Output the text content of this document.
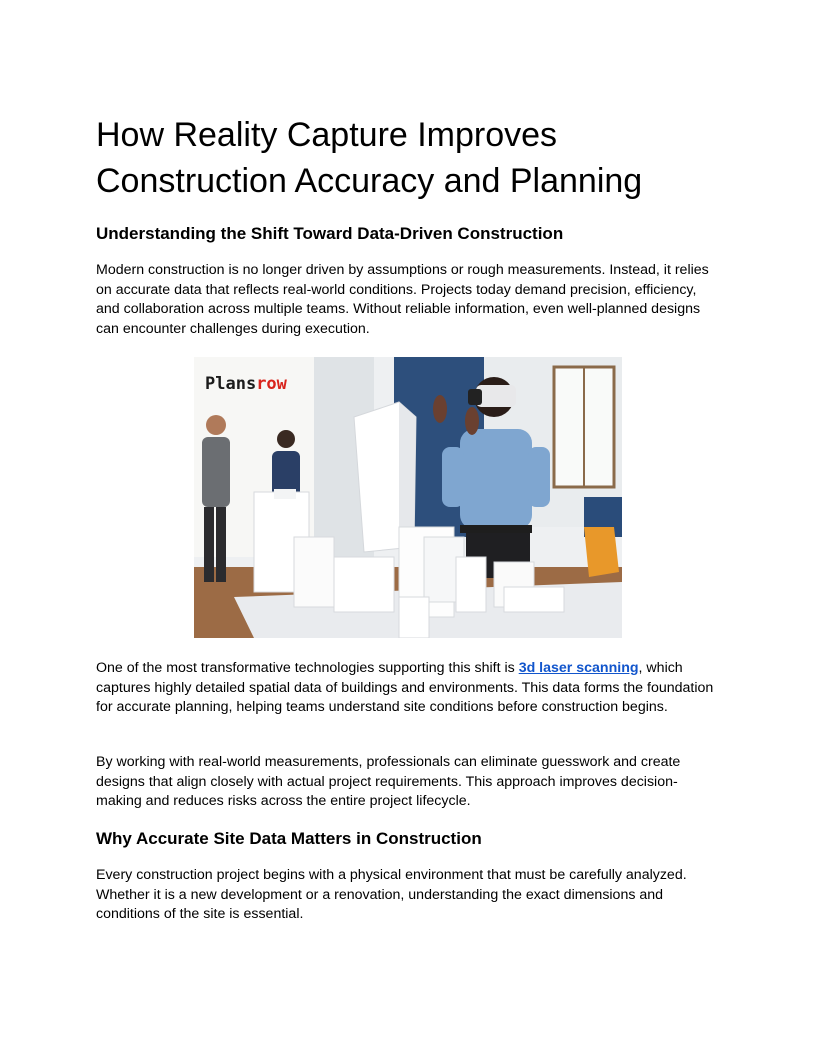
How Reality Capture Improves Construction Accuracy and Planning
Understanding the Shift Toward Data-Driven Construction

Modern construction is no longer driven by assumptions or rough measurements. Instead, it relies on accurate data that reflects real-world conditions. Projects today demand precision, efficiency, and collaboration across multiple teams. Without reliable information, even well-planned designs can encounter challenges during execution.

Plansrow

One of the most transformative technologies supporting this shift is 3d laser scanning, which captures highly detailed spatial data of buildings and environments. This data forms the foundation for accurate planning, helping teams understand site conditions before construction begins.

By working with real-world measurements, professionals can eliminate guesswork and create designs that align closely with actual project requirements. This approach improves decision-making and reduces risks across the entire project lifecycle.

Why Accurate Site Data Matters in Construction

Every construction project begins with a physical environment that must be carefully analyzed. Whether it is a new development or a renovation, understanding the exact dimensions and conditions of the site is essential.
